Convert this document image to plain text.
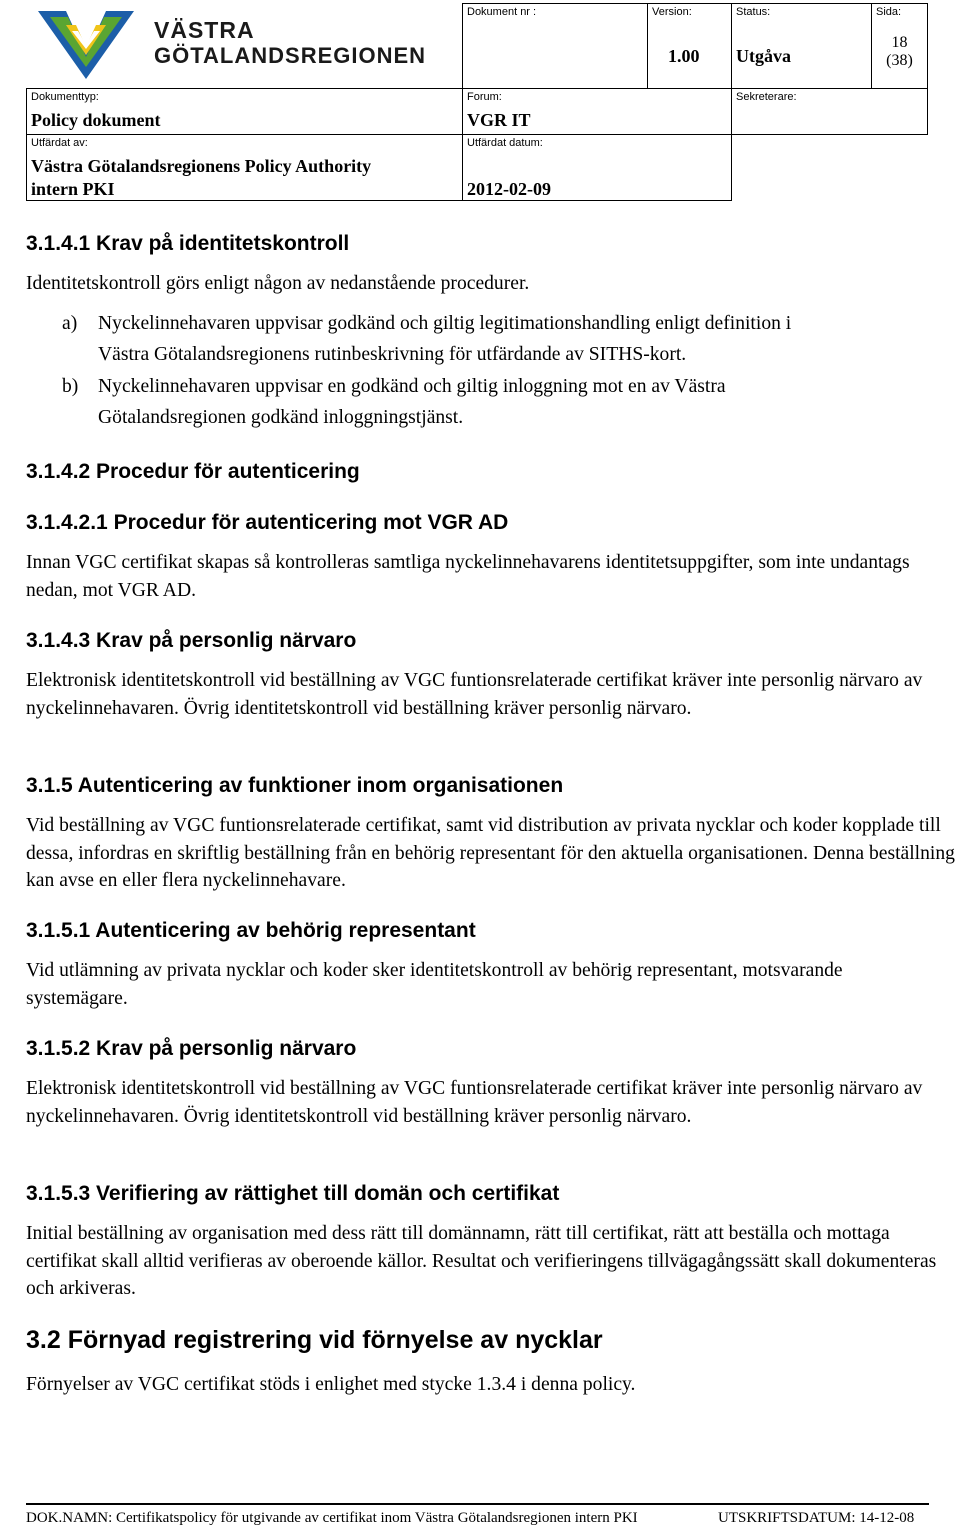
VÄSTRA
GÖTALANDSREGIONEN
Dokument nr :	Version:
1.00
Status:
Utgåva
Sida:
18
(38)
Dokumenttyp:
Policy dokument
Forum:
VGR IT
Sekreterare:
Utfärdat av:
Västra Götalandsregionens Policy Authority
intern PKI
Utfärdat datum:
2012-02-09
3.1.4.1 Krav på identitetskontroll
Identitetskontroll görs enligt någon av nedanstående procedurer.
a) Nyckelinnehavaren uppvisar godkänd och giltig legitimationshandling enligt definition i
Västra Götalandsregionens rutinbeskrivning för utfärdande av SITHS-kort.
b) Nyckelinnehavaren uppvisar en godkänd och giltig inloggning mot en av Västra
Götalandsregionen godkänd inloggningstjänst.
3.1.4.2 Procedur för autenticering
3.1.4.2.1 Procedur för autenticering mot VGR AD
Innan VGC certifikat skapas så kontrolleras samtliga nyckelinnehavarens identitetsuppgifter, som inte undantags nedan, mot VGR AD.
3.1.4.3 Krav på personlig närvaro
Elektronisk identitetskontroll vid beställning av VGC funtionsrelaterade certifikat kräver inte personlig närvaro av nyckelinnehavaren. Övrig identitetskontroll vid beställning kräver personlig närvaro.
3.1.5 Autenticering av funktioner inom organisationen
Vid beställning av VGC funtionsrelaterade certifikat, samt vid distribution av privata nycklar och koder kopplade till dessa, infordras en skriftlig beställning från en behörig representant för den aktuella organisationen. Denna beställning kan avse en eller flera nyckelinnehavare.
3.1.5.1 Autenticering av behörig representant
Vid utlämning av privata nycklar och koder sker identitetskontroll av behörig representant, motsvarande systemägare.
3.1.5.2 Krav på personlig närvaro
Elektronisk identitetskontroll vid beställning av VGC funtionsrelaterade certifikat kräver inte personlig närvaro av nyckelinnehavaren. Övrig identitetskontroll vid beställning kräver personlig närvaro.
3.1.5.3 Verifiering av rättighet till domän och certifikat
Initial beställning av organisation med dess rätt till domännamn, rätt till certifikat, rätt att beställa och mottaga certifikat skall alltid verifieras av oberoende källor. Resultat och verifieringens tillvägagångssätt skall dokumenteras och arkiveras.
3.2 Förnyad registrering vid förnyelse av nycklar
Förnyelser av VGC certifikat stöds i enlighet med stycke 1.3.4 i denna policy.
DOK.NAMN: Certifikatspolicy för utgivande av certifikat inom Västra Götalandsregionen intern PKI	UTSKRIFTSDATUM: 14-12-08
